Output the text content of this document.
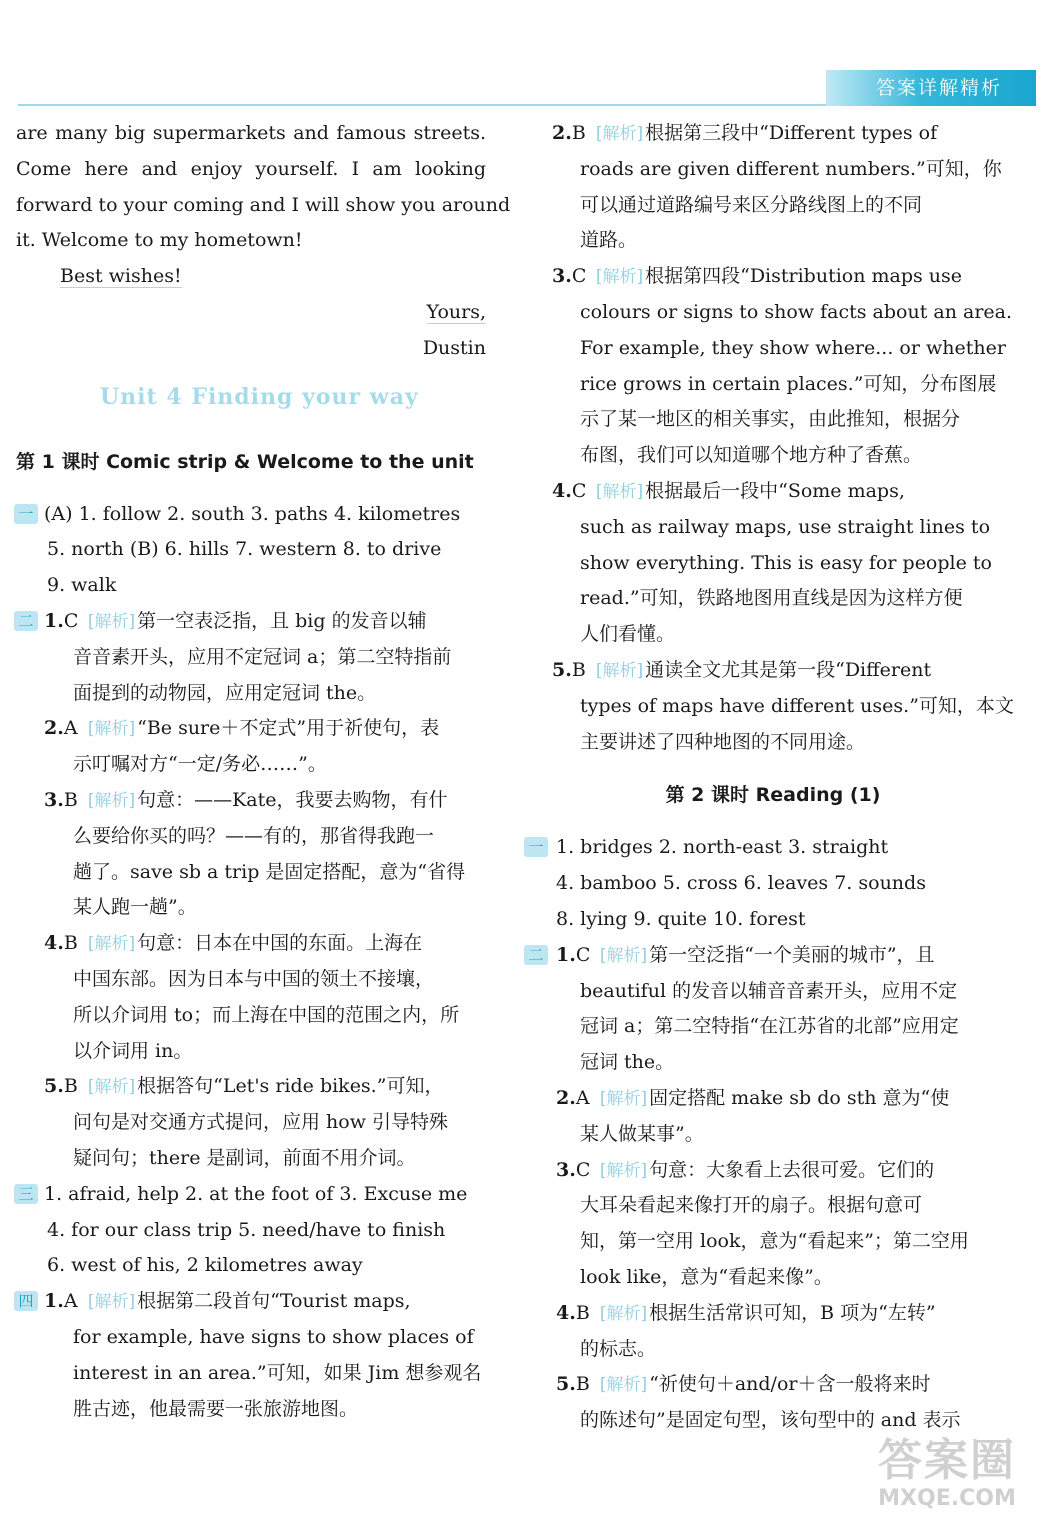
答案详解精析
are many big supermarkets and famous streets.
Come here and enjoy yourself. I am looking
forward to your coming and I will show you around
it. Welcome to my hometown!
Best wishes!
Yours,
Dustin
Unit 4 Finding your way
第 1 课时 Comic strip & Welcome to the unit
一 (A) 1. follow 2. south 3. paths 4. kilometres
5. north (B) 6. hills 7. western 8. to drive
9. walk
二 1.C [解析] 第一空表泛指，且 big 的发音以辅
音音素开头，应用不定冠词 a；第二空特指前
面提到的动物园，应用定冠词 the。
2.A [解析] “Be sure＋不定式”用于祈使句，表
示叮嘱对方“一定/务必……”。
3.B [解析] 句意：——Kate，我要去购物，有什
么要给你买的吗？——有的，那省得我跑一
趟了。save sb a trip 是固定搭配，意为“省得
某人跑一趟”。
4.B [解析] 句意：日本在中国的东面。上海在
中国东部。因为日本与中国的领土不接壤，
所以介词用 to；而上海在中国的范围之内，所
以介词用 in。
5.B [解析] 根据答句“Let's ride bikes.”可知，
问句是对交通方式提问，应用 how 引导特殊
疑问句；there 是副词，前面不用介词。
三 1. afraid, help 2. at the foot of 3. Excuse me
4. for our class trip 5. need/have to finish
6. west of his, 2 kilometres away
四 1.A [解析] 根据第二段首句“Tourist maps,
for example, have signs to show places of
interest in an area.”可知，如果 Jim 想参观名
胜古迹，他最需要一张旅游地图。
2.B [解析] 根据第三段中“Different types of
roads are given different numbers.”可知，你
可以通过道路编号来区分路线图上的不同
道路。
3.C [解析] 根据第四段“Distribution maps use
colours or signs to show facts about an area.
For example, they show where... or whether
rice grows in certain places.”可知，分布图展
示了某一地区的相关事实，由此推知，根据分
布图，我们可以知道哪个地方种了香蕉。
4.C [解析] 根据最后一段中“Some maps,
such as railway maps, use straight lines to
show everything. This is easy for people to
read.”可知，铁路地图用直线是因为这样方便
人们看懂。
5.B [解析] 通读全文尤其是第一段“Different
types of maps have different uses.”可知，本文
主要讲述了四种地图的不同用途。
第 2 课时 Reading (1)
一 1. bridges 2. north-east 3. straight
4. bamboo 5. cross 6. leaves 7. sounds
8. lying 9. quite 10. forest
二 1.C [解析] 第一空泛指“一个美丽的城市”，且
beautiful 的发音以辅音音素开头，应用不定
冠词 a；第二空特指“在江苏省的北部”应用定
冠词 the。
2.A [解析] 固定搭配 make sb do sth 意为“使
某人做某事”。
3.C [解析] 句意：大象看上去很可爱。它们的
大耳朵看起来像打开的扇子。根据句意可
知，第一空用 look，意为“看起来”；第二空用
look like，意为“看起来像”。
4.B [解析] 根据生活常识可知，B 项为“左转”
的标志。
5.B [解析] “祈使句＋and/or＋含一般将来时
的陈述句”是固定句型，该句型中的 and 表示
答案圈
MXQE.COM
